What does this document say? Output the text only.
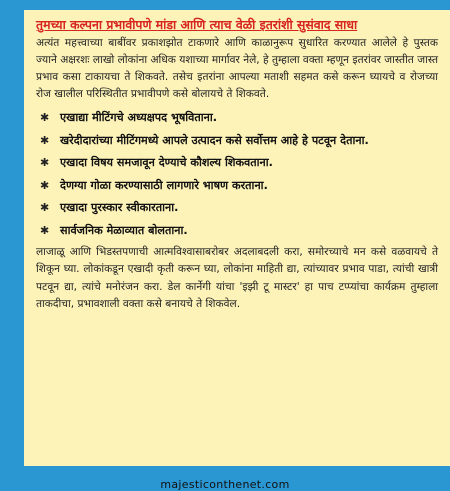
तुमच्या कल्पना प्रभावीपणे मांडा आणि त्याच वेळी इतरांशी सुसंवाद साधा

अत्यंत महत्त्वाच्या बाबींवर प्रकाशझोत टाकणारे आणि काळानुरूप सुधारित करण्यात आलेले हे पुस्तक ज्याने अक्षरशः लाखो लोकांना अधिक यशाच्या मार्गावर नेले, हे तुम्हाला वक्ता म्हणून इतरांवर जास्तीत जास्त प्रभाव कसा टाकायचा ते शिकवते. तसेच इतरांना आपल्या मताशी सहमत कसे करून घ्यायचे व रोजच्या रोज खालील परिस्थितीत प्रभावीपणे कसे बोलायचे ते शिकवते.

✱ एखाद्या मीटिंगचे अध्यक्षपद भूषविताना.
✱ खरेदीदारांच्या मीटिंगमध्ये आपले उत्पादन कसे सर्वोत्तम आहे हे पटवून देताना.
✱ एखादा विषय समजावून देण्याचे कौशल्य शिकवताना.
✱ देणग्या गोळा करण्यासाठी लागणारे भाषण करताना.
✱ एखादा पुरस्कार स्वीकारताना.
✱ सार्वजनिक मेळाव्यात बोलताना.

लाजाळू आणि भिडस्तपणाची आत्मविश्वासाबरोबर अदलाबदली करा, समोरच्याचे मन कसे वळवायचे ते शिकून घ्या. लोकांकडून एखादी कृती करून घ्या, लोकांना माहिती द्या, त्यांच्यावर प्रभाव पाडा, त्यांची खात्री पटवून द्या, त्यांचे मनोरंजन करा. डेल कार्नेगी यांचा 'इझी टू मास्टर' हा पाच टप्प्यांचा कार्यक्रम तुम्हाला ताकदीचा, प्रभावशाली वक्ता कसे बनायचे ते शिकवेल.

majesticonthenet.com
